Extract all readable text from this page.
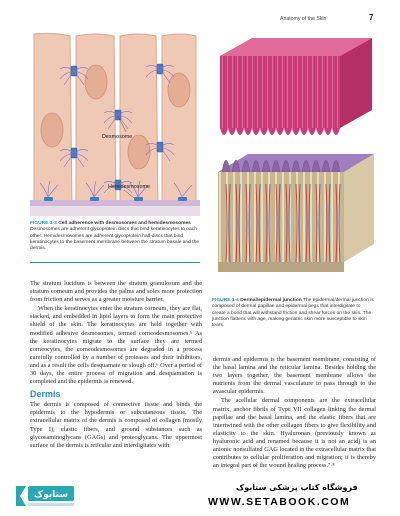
Anatomy of the Skin	7
Desmosome
Hemidesmosome
FIGURE 1-3 Cell adherence with desmosomes and hemidesmosomes Desmosomes are adherent glycoprotein discs that bind keratinocytes to each other. Hemidesmosomes are adherent glycoprotein half-discs that bind keratinocytes to the basement membrane between the stratum basale and the dermis.
FIGURE 1-4 Dermal/epidermal junction The epidermal/dermal junction is composed of dermal papillae and epidermal pegs that interdigitate to create a bond that will withstand friction and shear forces on the skin. The junction flattens with age, making geriatric skin more susceptible to skin tears.

The stratum lucidum is between the stratum granulosum and the stratum corneum and provides the palms and soles more protection from friction and serves as a greater moisture barrier.

When the keratinocytes enter the stratum corneum, they are flat, stacked, and embedded in lipid layers to form the main protective shield of the skin. The keratinocytes are held together with modified adhesive desmosomes, termed corneodesmosomes.⁵ As the keratinocytes migrate to the surface they are termed corneocytes, the corneodesmosomes are degraded in a process carefully controlled by a number of proteases and their inhibitors, and as a result the cells desquamate or slough off.⁶ Over a period of 30 days, the entire process of migration and desquamation is completed and the epidermis is renewed.

Dermis

The dermis is composed of connective tissue and binds the epidermis to the hypodermis or subcutaneous tissue. The extracellular matrix of the dermis is composed of collagen (mostly Type I), elastic fibers, and ground substances such as glycosaminoglycans (GAGs) and proteoglycans. The uppermost surface of the dermis is reticular and interdigitates with

dermis and epidermis is the basement membrane, consisting of the basal lamina and the reticular lamina. Besides holding the two layers together, the basement membrane allows the nutrients from the dermal vasculature to pass through to the avascular epidermis.

The acellular dermal components are the extracellular matrix, anchor fibrils of Type VII collagen linking the dermal papillae and the basal lamina, and the elastic fibers that are intertwined with the other collagen fibers to give flexibility and elasticity to the skin. Hyaluronan (previously known as hyaluronic acid and renamed because it is not an acid) is an anionic nonsulfated GAG located in the extracellular matrix that contributes to cellular proliferation and migration; it is thereby an integral part of the wound healing process.⁷·⁸

ستابوک
فروشگاه کتاب پزشکی ستابوک
WWW.SETABOOK.COM
